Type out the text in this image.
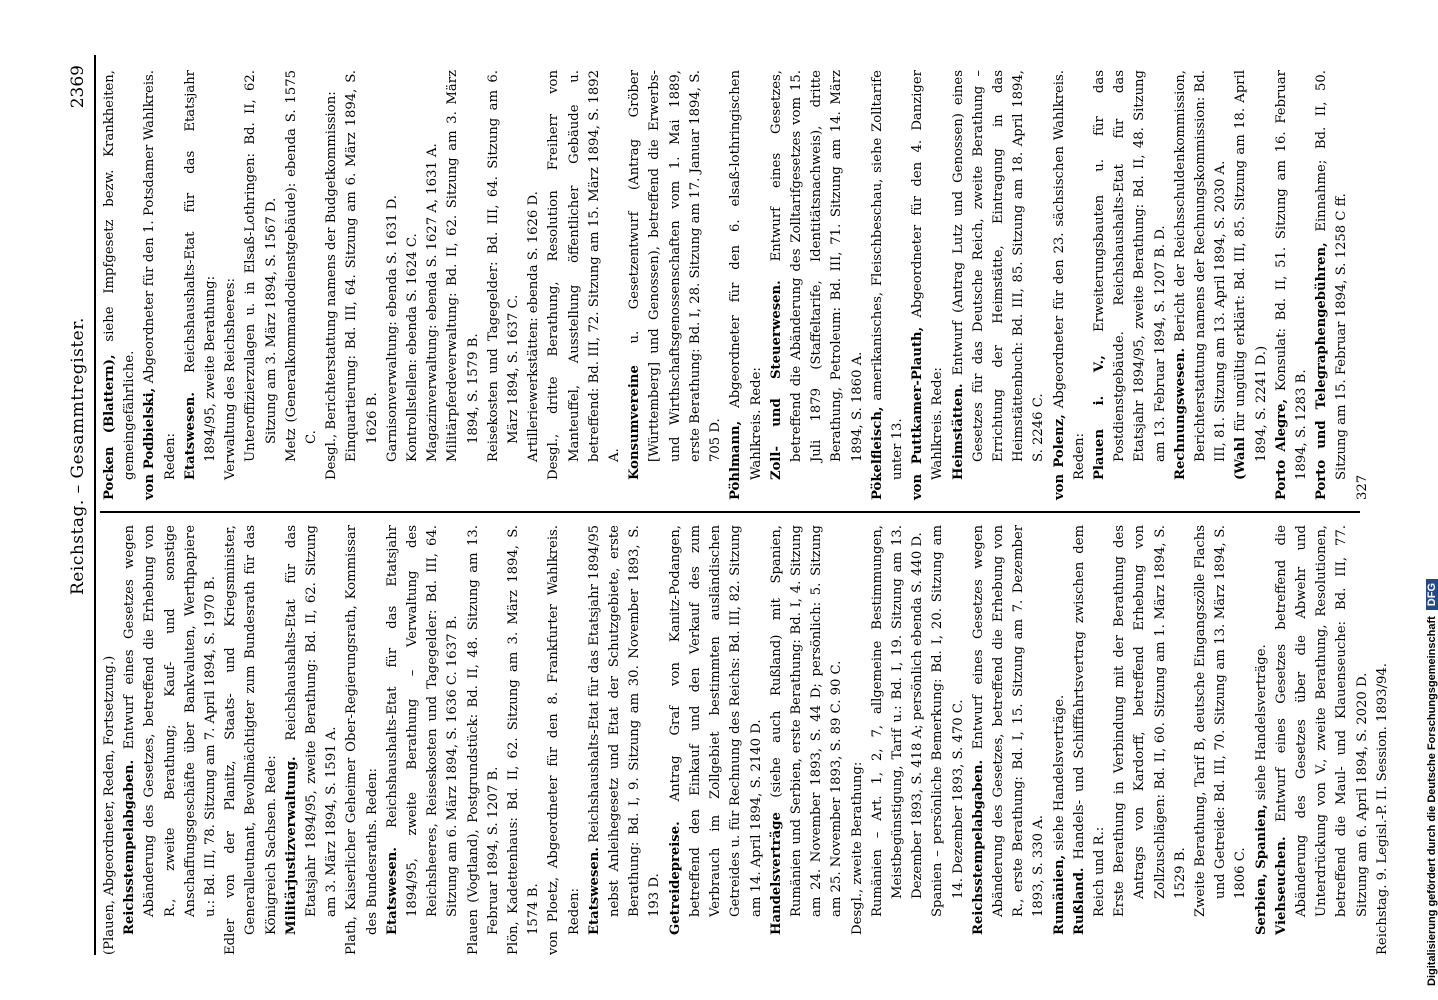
Reichstag. – Gesammtregister.
2369

(Plauen, Abgeordneter, Reden, Fortsetzung.) Reichsstempelabgaben. Entwurf eines Gesetzes wegen Abänderung des Gesetzes, betreffend die Erhebung von R., zweite Berathung; Kauf- und sonstige Anschaffungsgeschäfte über Bankvaluten, Werthpapiere u.: Bd. III, 78. Sitzung am 7. April 1894, S. 1970 B. Edler von der Planitz, Staats- und Kriegsminister, Generalleutnant, Bevollmächtigter zum Bundesrath für das Königreich Sachsen. Rede: Militärjustizverwaltung. Reichshaushalts-Etat für das Etatsjahr 1894/95, zweite Berathung: Bd. II, 62. Sitzung am 3. März 1894, S. 1591 A. Plath, Kaiserlicher Geheimer Ober-Regierungsrath, Kommissar des Bundesraths. Reden: Etatswesen. Reichshaushalts-Etat für das Etatsjahr 1894/95, zweite Berathung – Verwaltung des Reichsheeres, Reiseskosten und Tagegelder: Bd. III, 64. Sitzung am 6. März 1894, S. 1636 C. 1637 B. Plauen (Vogtland), Postgrundstück: Bd. II, 48. Sitzung am 13. Februar 1894, S. 1207 B. Plön, Kadettenhaus: Bd. II, 62. Sitzung am 3. März 1894, S. 1574 B. von Ploetz, Abgeordneter für den 8. Frankfurter Wahlkreis. Reden: Etatswesen. Reichshaushalts-Etat für das Etatsjahr 1894/95 nebst Anleihegesetz und Etat der Schutzgebiete, erste Berathung: Bd. I, 9. Sitzung am 30. November 1893, S. 193 D. Getreidepreise. Antrag Graf von Kanitz-Podangen, betreffend den Einkauf und den Verkauf des zum Verbrauch im Zollgebiet bestimmten ausländischen Getreides u. für Rechnung des Reichs: Bd. III, 82. Sitzung am 14. April 1894, S. 2140 D. Handelsverträge (siehe auch Rußland) mit Spanien, Rumänien und Serbien, erste Berathung: Bd. I, 4. Sitzung am 24. November 1893, S. 44 D; persönlich: 5. Sitzung am 25. November 1893, S. 89 C. 90 C. Desgl., zweite Berathung: Rumänien – Art. 1, 2, 7, allgemeine Bestimmungen, Meistbegünstigung, Tarif u.: Bd. I, 19. Sitzung am 13. Dezember 1893, S. 418 A; persönlich ebenda S. 440 D. Spanien – persönliche Bemerkung: Bd. I, 20. Sitzung am 14. Dezember 1893, S. 470 C. Reichsstempelabgaben. Entwurf eines Gesetzes wegen Abänderung des Gesetzes, betreffend die Erhebung von R., erste Berathung: Bd. I, 15. Sitzung am 7. Dezember 1893, S. 330 A. Rumänien, siehe Handelsverträge.

Rußland. Handels- und Schifffahrtsvertrag zwischen dem Reich und R.: Erste Berathung in Verbindung mit der Berathung des Antrags von Kardorff, betreffend Erhebung von Zollzuschlägen: Bd. II, 60. Sitzung am 1. März 1894, S. 1529 B. Zweite Berathung, Tarif B, deutsche Eingangszölle Flachs und Getreide: Bd. III, 70. Sitzung am 13. März 1894, S. 1806 C. Serbien, Spanien, siehe Handelsverträge.

Viehseuchen. Entwurf eines Gesetzes betreffend die Abänderung des Gesetzes über die Abwehr und Unterdrückung von V., zweite Berathung, Resolutionen, betreffend die Maul- und Klauenseuche: Bd. III, 77. Sitzung am 6. April 1894, S. 2020 D. Reichstag. 9. Legisl.-P. II. Session. 1893/94.

Pocken (Blattern), siehe Impfgesetz bezw. Krankheiten, gemeingefährliche. von Podbielski, Abgeordneter für den 1. Potsdamer Wahlkreis. Reden: Etatswesen. Reichshaushalts-Etat für das Etatsjahr 1894/95, zweite Berathung: Verwaltung des Reichsheeres: Unteroffizierzulagen u. in Elsaß-Lothringen: Bd. II, 62. Sitzung am 3. März 1894, S. 1567 D. Metz (Generalkommandodienstgebäude): ebenda S. 1575 C. Desgl., Berichterstattung namens der Budgetkommission: Einquartierung: Bd. III, 64. Sitzung am 6. März 1894, S. 1626 B. Garnisonverwaltung: ebenda S. 1631 D. Kontrollstellen: ebenda S. 1624 C. Magazinverwaltung: ebenda S. 1627 A, 1631 A. Militärpferdeverwaltung: Bd. II, 62. Sitzung am 3. März 1894, S. 1579 B. Reisekosten und Tagegelder: Bd. III, 64. Sitzung am 6. März 1894, S. 1637 C. Artilleriewerkstätten: ebenda S. 1626 D. Desgl., dritte Berathung, Resolution Freiherr von Manteuffel, Ausstellung öffentlicher Gebäude u. betreffend: Bd. III, 72. Sitzung am 15. März 1894, S. 1892 A. Konsumvereine u. Gesetzentwurf (Antrag Gröber [Württemberg] und Genossen), betreffend die Erwerbs- und Wirthschaftsgenossenschaften vom 1. Mai 1889, erste Berathung: Bd. I, 28. Sitzung am 17. Januar 1894, S. 705 D. Pöhlmann, Abgeordneter für den 6. elsaß-lothringischen Wahlkreis. Rede: Zoll- und Steuerwesen. Entwurf eines Gesetzes, betreffend die Abänderung des Zolltarifgesetzes vom 15. Juli 1879 (Staffeltarife, Identitätsnachweis), dritte Berathung, Petroleum: Bd. III, 71. Sitzung am 14. März 1894, S. 1860 A. Pökelfleisch, amerikanisches, Fleischbeschau, siehe Zolltarife unter 13. von Puttkamer-Plauth, Abgeordneter für den 4. Danziger Wahlkreis. Rede: Heimstätten. Entwurf (Antrag Lutz und Genossen) eines Gesetzes für das Deutsche Reich, zweite Berathung – Errichtung der Heimstätte, Eintragung in das Heimstättenbuch: Bd. III, 85. Sitzung am 18. April 1894, S. 2246 C. von Polenz, Abgeordneter für den 23. sächsischen Wahlkreis. Reden: Plauen i. V., Erweiterungsbauten u. für das Postdienstgebäude. Reichshaushalts-Etat für das Etatsjahr 1894/95, zweite Berathung: Bd. II, 48. Sitzung am 13. Februar 1894, S. 1207 B. D. Rechnungswesen. Bericht der Reichsschuldenkommission, Berichterstattung namens der Rechnungskommission: Bd. III, 81. Sitzung am 13. April 1894, S. 2030 A. (Wahl für ungültig erklärt: Bd. III, 85. Sitzung am 18. April 1894, S. 2241 D.) Porto Alegre, Konsulat: Bd. II, 51. Sitzung am 16. Februar 1894, S. 1283 B. Porto und Telegraphengebühren, Einnahme; Bd. II, 50. Sitzung am 15. Februar 1894, S. 1258 C ff.

327

Digitalisierung gefördert durch die Deutsche ForschungsgemeinschaftDFG
